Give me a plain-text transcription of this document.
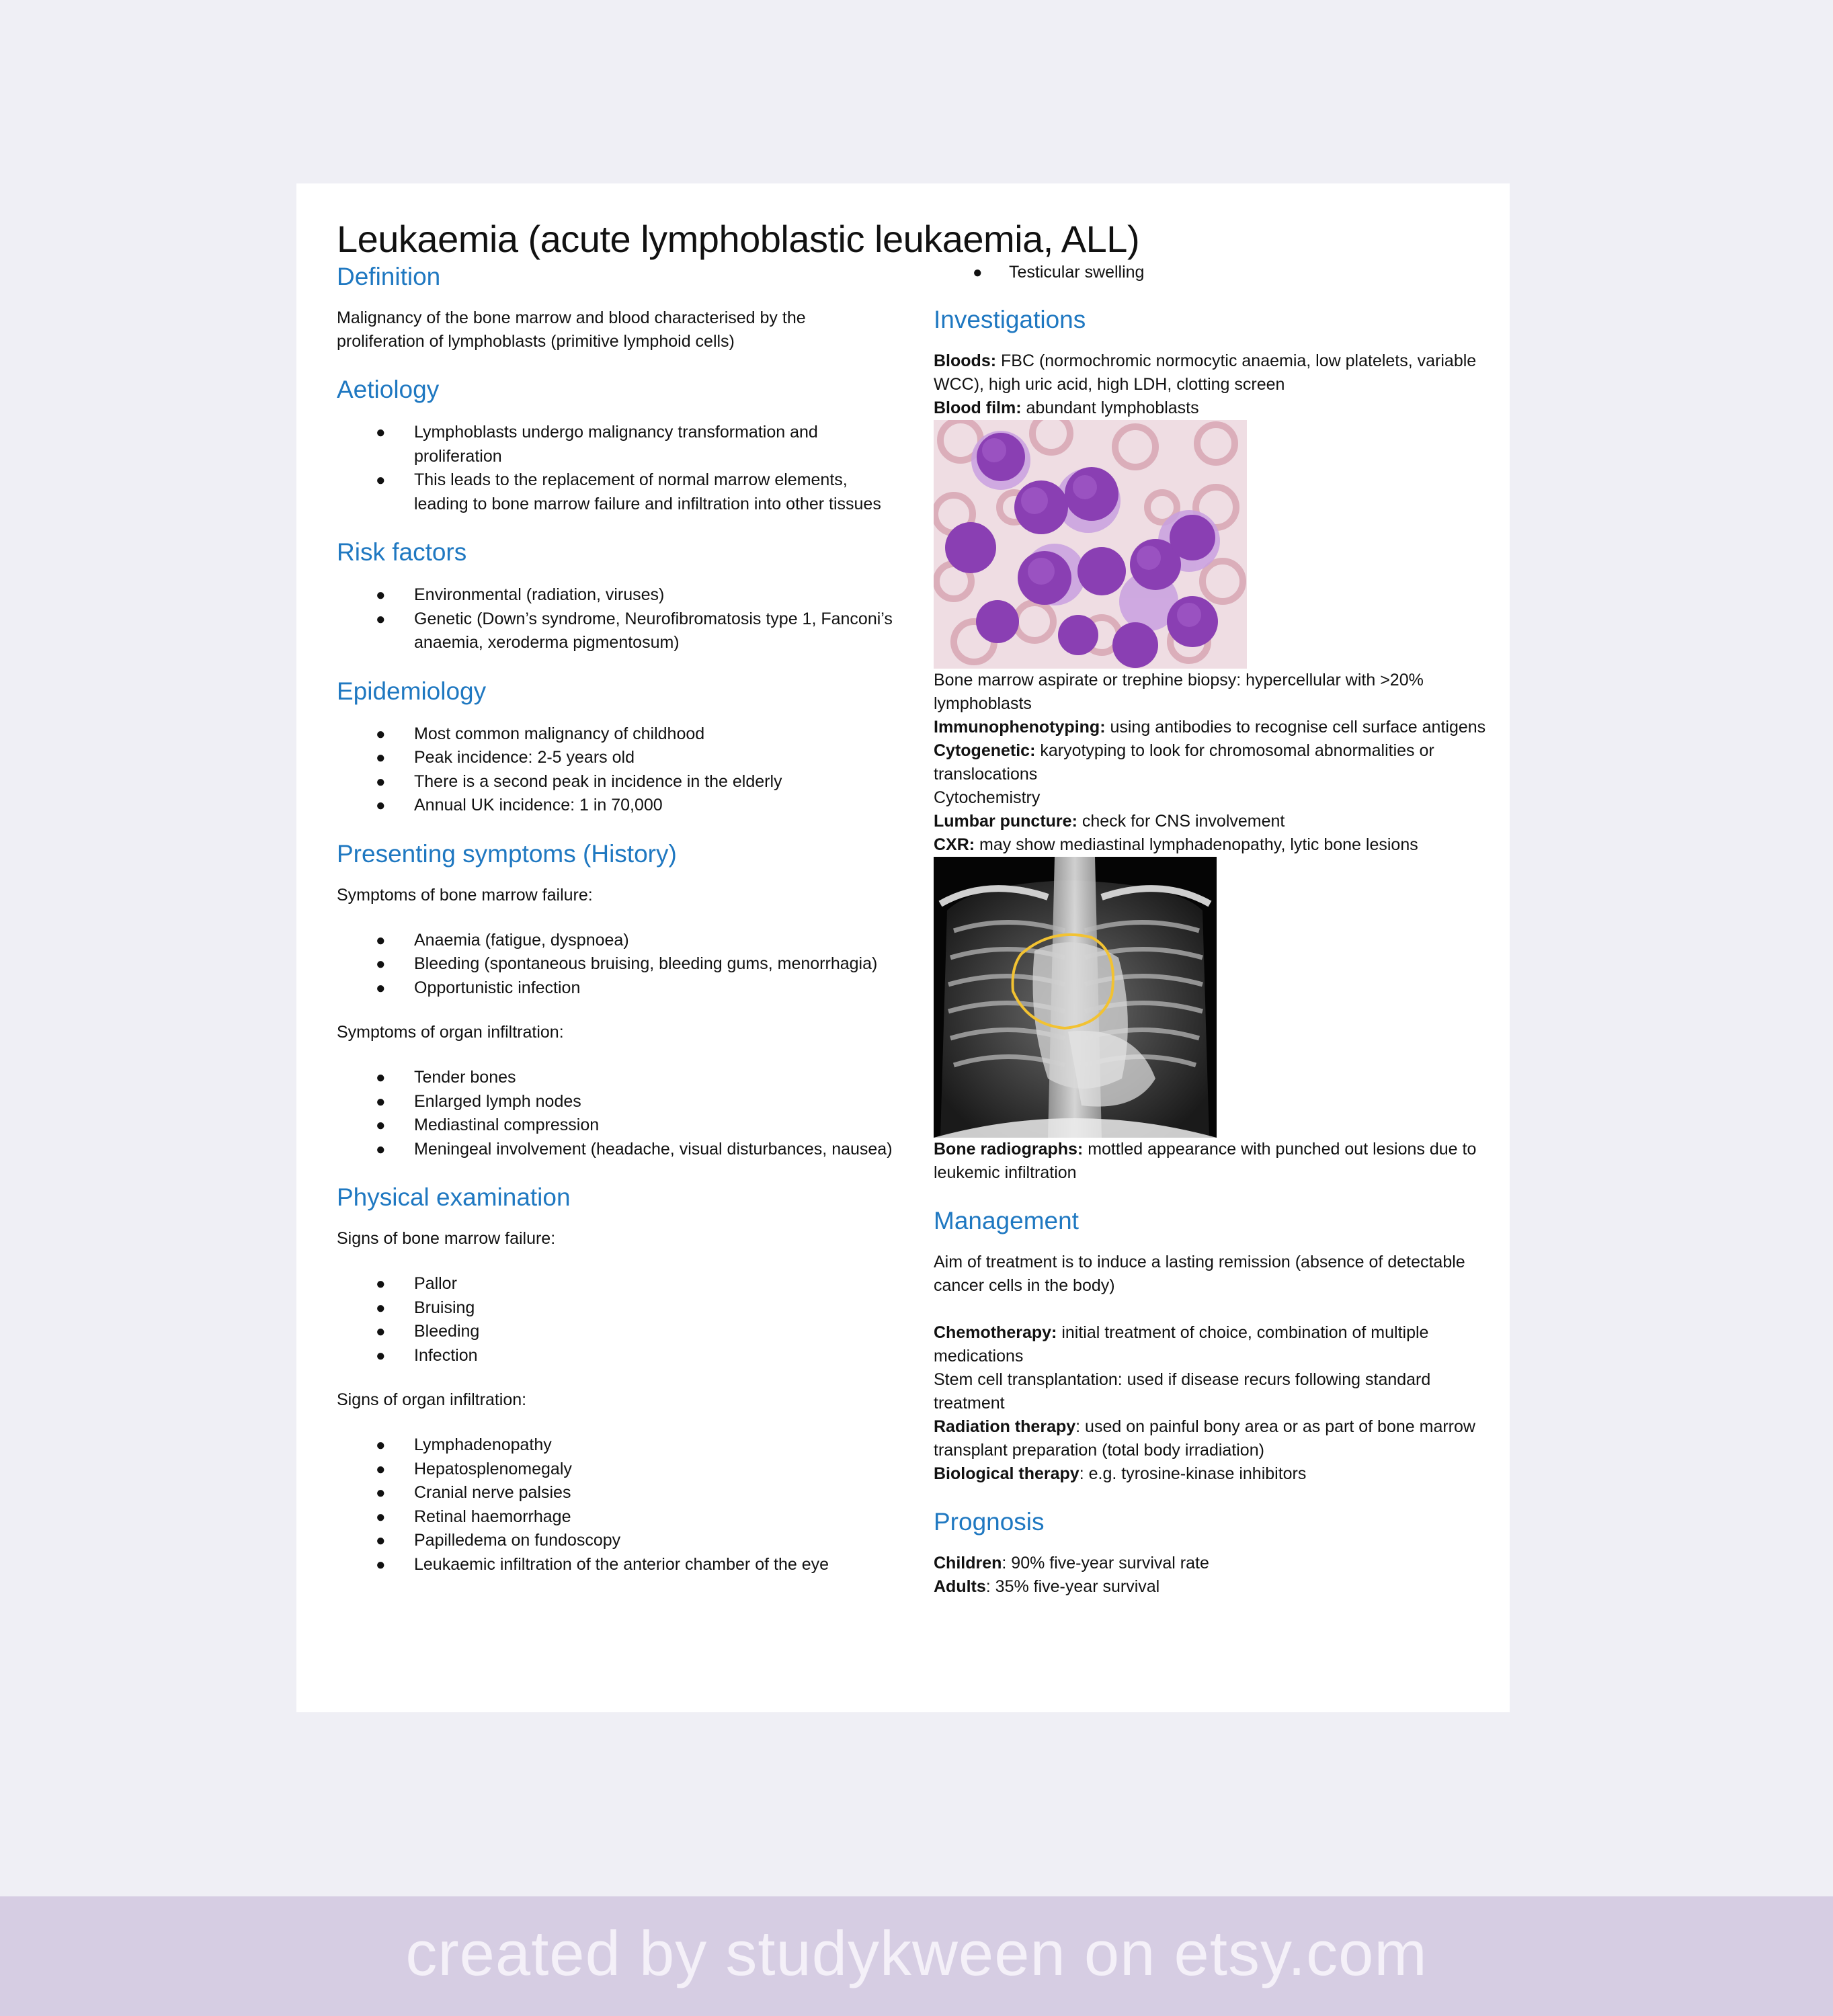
Leukaemia (acute lymphoblastic leukaemia, ALL)
Definition

Malignancy of the bone marrow and blood characterised by the proliferation of lymphoblasts (primitive lymphoid cells)

Aetiology
● Lymphoblasts undergo malignancy transformation and proliferation
● This leads to the replacement of normal marrow elements, leading to bone marrow failure and infiltration into other tissues
Risk factors
● Environmental (radiation, viruses)
● Genetic (Down’s syndrome, Neurofibromatosis type 1, Fanconi’s anaemia, xeroderma pigmentosum)
Epidemiology
● Most common malignancy of childhood
● Peak incidence: 2-5 years old
● There is a second peak in incidence in the elderly
● Annual UK incidence: 1 in 70,000
Presenting symptoms (History)

Symptoms of bone marrow failure:

● Anaemia (fatigue, dyspnoea)
● Bleeding (spontaneous bruising, bleeding gums, menorrhagia)
● Opportunistic infection

Symptoms of organ infiltration:

● Tender bones
● Enlarged lymph nodes
● Mediastinal compression
● Meningeal involvement (headache, visual disturbances, nausea)
Physical examination

Signs of bone marrow failure:

● Pallor
● Bruising
● Bleeding
● Infection

Signs of organ infiltration:

● Lymphadenopathy
● Hepatosplenomegaly
● Cranial nerve palsies
● Retinal haemorrhage
● Papilledema on fundoscopy
● Leukaemic infiltration of the anterior chamber of the eye
● Testicular swelling
Investigations

Bloods: FBC (normochromic normocytic anaemia, low platelets, variable WCC), high uric acid, high LDH, clotting screen

Blood film: abundant lymphoblasts

Bone marrow aspirate or trephine biopsy: hypercellular with >20% lymphoblasts

Immunophenotyping: using antibodies to recognise cell surface antigens

Cytogenetic: karyotyping to look for chromosomal abnormalities or translocations

Cytochemistry

Lumbar puncture: check for CNS involvement

CXR: may show mediastinal lymphadenopathy, lytic bone lesions

Bone radiographs: mottled appearance with punched out lesions due to leukemic infiltration

Management

Aim of treatment is to induce a lasting remission (absence of detectable cancer cells in the body)

Chemotherapy: initial treatment of choice, combination of multiple medications

Stem cell transplantation: used if disease recurs following standard treatment

Radiation therapy: used on painful bony area or as part of bone marrow transplant preparation (total body irradiation)

Biological therapy: e.g. tyrosine-kinase inhibitors

Prognosis

Children: 90% five-year survival rate

Adults: 35% five-year survival

created by studykween on etsy.com
